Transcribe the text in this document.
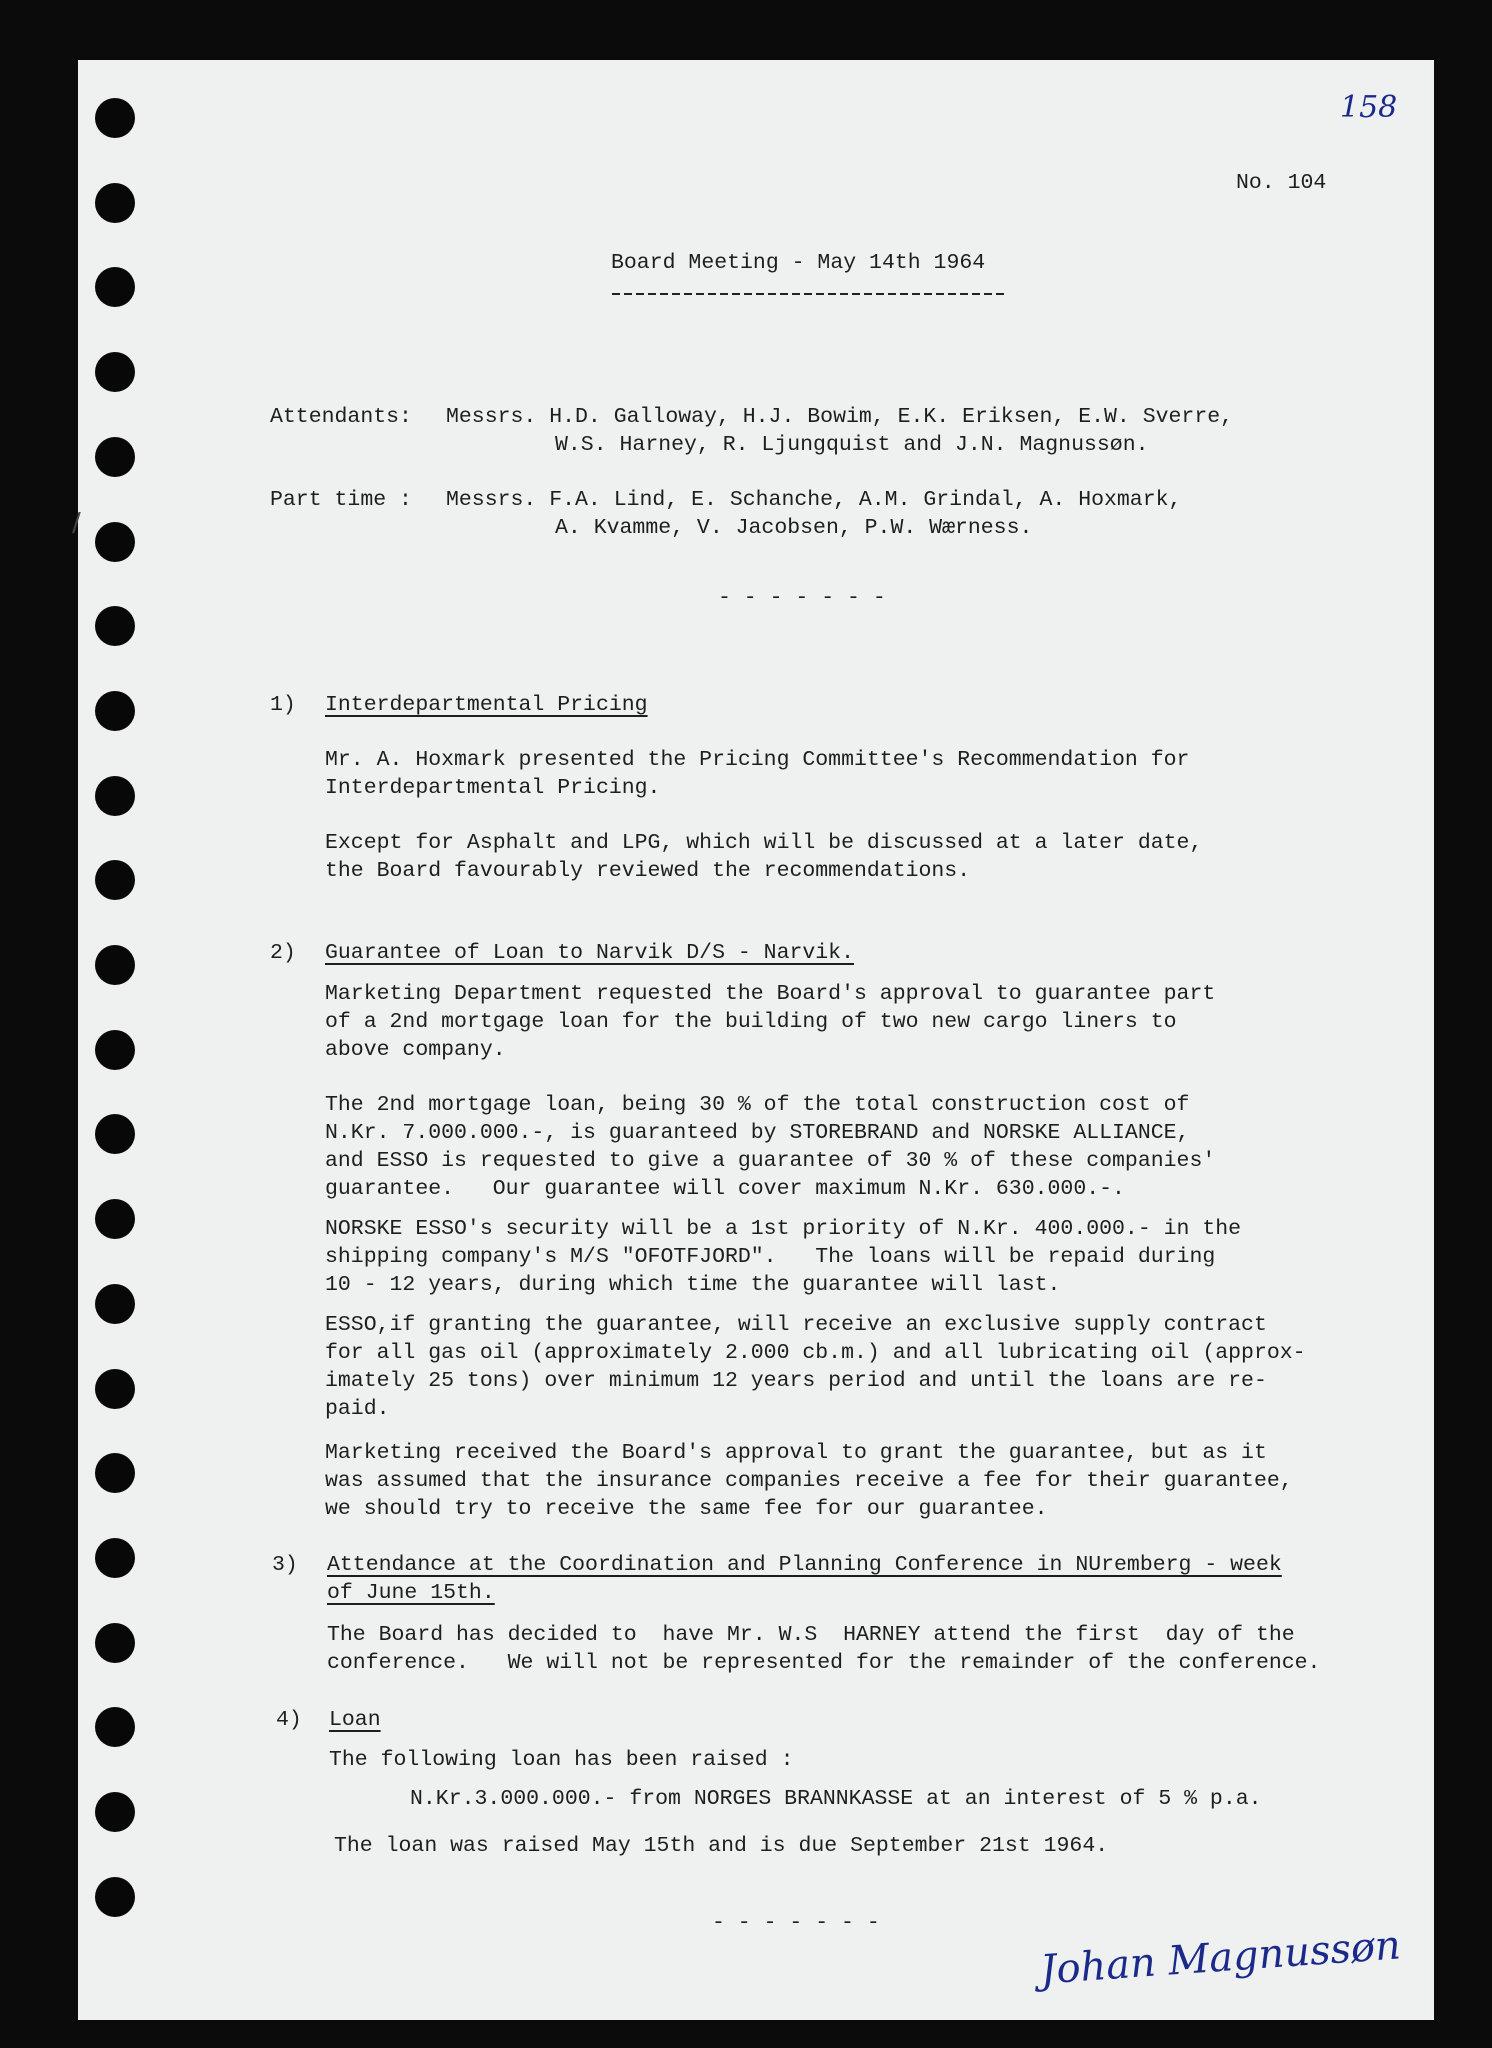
158
No. 104
Board Meeting - May 14th 1964
Attendants: Messrs. H.D. Galloway, H.J. Bowim, E.K. Eriksen, E.W. Sverre,
W.S. Harney, R. Ljungquist and J.N. Magnussøn.
Part time : Messrs. F.A. Lind, E. Schanche, A.M. Grindal, A. Hoxmark,
A. Kvamme, V. Jacobsen, P.W. Wærness.
- - - - - - -
1) Interdepartmental Pricing
Mr. A. Hoxmark presented the Pricing Committee's Recommendation for
Interdepartmental Pricing.
Except for Asphalt and LPG, which will be discussed at a later date,
the Board favourably reviewed the recommendations.
2) Guarantee of Loan to Narvik D/S - Narvik.
Marketing Department requested the Board's approval to guarantee part
of a 2nd mortgage loan for the building of two new cargo liners to
above company.
The 2nd mortgage loan, being 30 % of the total construction cost of
N.Kr. 7.000.000.-, is guaranteed by STOREBRAND and NORSKE ALLIANCE,
and ESSO is requested to give a guarantee of 30 % of these companies'
guarantee.   Our guarantee will cover maximum N.Kr. 630.000.-.
NORSKE ESSO's security will be a 1st priority of N.Kr. 400.000.- in the
shipping company's M/S "OFOTFJORD".   The loans will be repaid during
10 - 12 years, during which time the guarantee will last.
ESSO,if granting the guarantee, will receive an exclusive supply contract
for all gas oil (approximately 2.000 cb.m.) and all lubricating oil (approx-
imately 25 tons) over minimum 12 years period and until the loans are re-
paid.
Marketing received the Board's approval to grant the guarantee, but as it
was assumed that the insurance companies receive a fee for their guarantee,
we should try to receive the same fee for our guarantee.
3) Attendance at the Coordination and Planning Conference in NUremberg - week
of June 15th.
The Board has decided to  have Mr. W.S  HARNEY attend the first  day of the
conference.   We will not be represented for the remainder of the conference.
4) Loan
The following loan has been raised :
N.Kr.3.000.000.- from NORGES BRANNKASSE at an interest of 5 % p.a.
The loan was raised May 15th and is due September 21st 1964.
- - - - - - -	Johan Magnussøn
/
